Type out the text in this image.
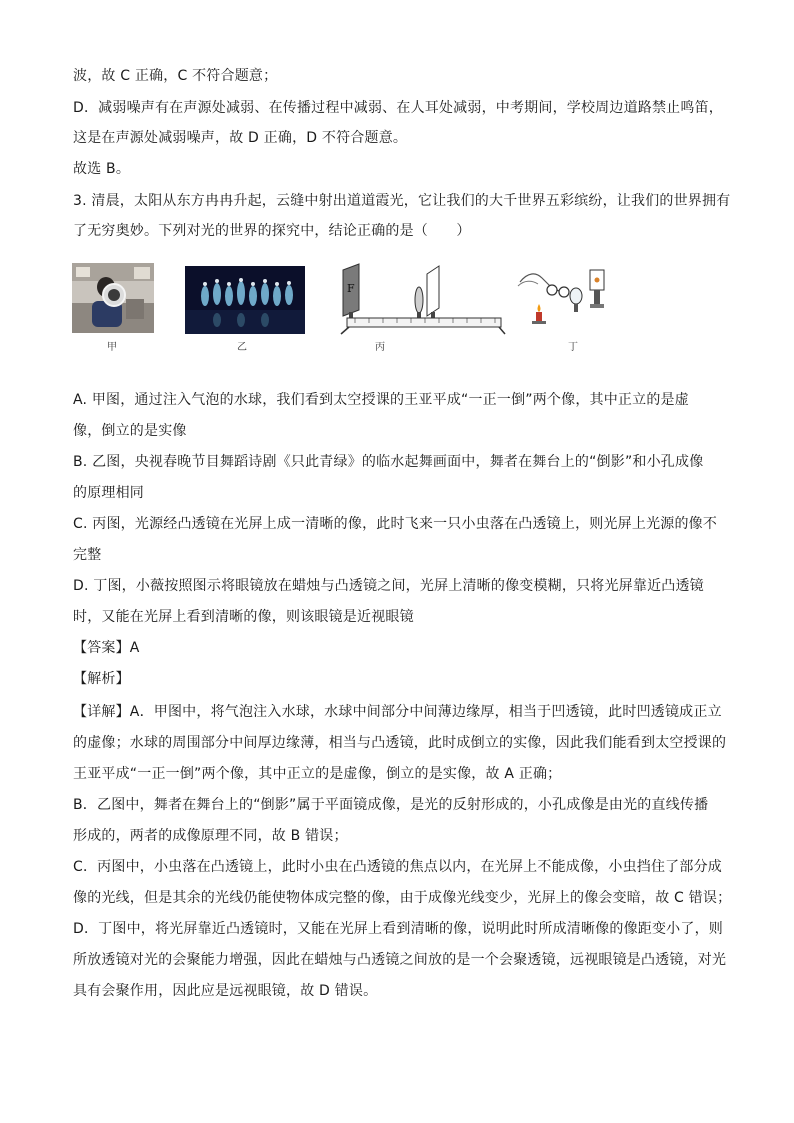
波，故 C 正确，C 不符合题意；
D．减弱噪声有在声源处减弱、在传播过程中减弱、在人耳处减弱，中考期间，学校周边道路禁止鸣笛，
这是在声源处减弱噪声，故 D 正确，D 不符合题意。
故选 B。
3. 清晨，太阳从东方冉冉升起，云缝中射出道道霞光，它让我们的大千世界五彩缤纷，让我们的世界拥有
了无穷奥妙。下列对光的世界的探究中，结论正确的是（　　）
甲	乙
F
丙	丁
A. 甲图，通过注入气泡的水球，我们看到太空授课的王亚平成“一正一倒”两个像，其中正立的是虚
像，倒立的是实像
B. 乙图，央视春晚节目舞蹈诗剧《只此青绿》的临水起舞画面中，舞者在舞台上的“倒影”和小孔成像
的原理相同
C. 丙图，光源经凸透镜在光屏上成一清晰的像，此时飞来一只小虫落在凸透镜上，则光屏上光源的像不
完整
D. 丁图，小薇按照图示将眼镜放在蜡烛与凸透镜之间，光屏上清晰的像变模糊，只将光屏靠近凸透镜
时，又能在光屏上看到清晰的像，则该眼镜是近视眼镜
【答案】A
【解析】
【详解】A．甲图中，将气泡注入水球，水球中间部分中间薄边缘厚，相当于凹透镜，此时凹透镜成正立
的虚像；水球的周围部分中间厚边缘薄，相当与凸透镜，此时成倒立的实像，因此我们能看到太空授课的
王亚平成“一正一倒”两个像，其中正立的是虚像，倒立的是实像，故 A 正确；
B．乙图中，舞者在舞台上的“倒影”属于平面镜成像，是光的反射形成的，小孔成像是由光的直线传播
形成的，两者的成像原理不同，故 B 错误；
C．丙图中，小虫落在凸透镜上，此时小虫在凸透镜的焦点以内，在光屏上不能成像，小虫挡住了部分成
像的光线，但是其余的光线仍能使物体成完整的像，由于成像光线变少，光屏上的像会变暗，故 C 错误；
D．丁图中，将光屏靠近凸透镜时，又能在光屏上看到清晰的像，说明此时所成清晰像的像距变小了，则
所放透镜对光的会聚能力增强，因此在蜡烛与凸透镜之间放的是一个会聚透镜，远视眼镜是凸透镜，对光
具有会聚作用，因此应是远视眼镜，故 D 错误。
